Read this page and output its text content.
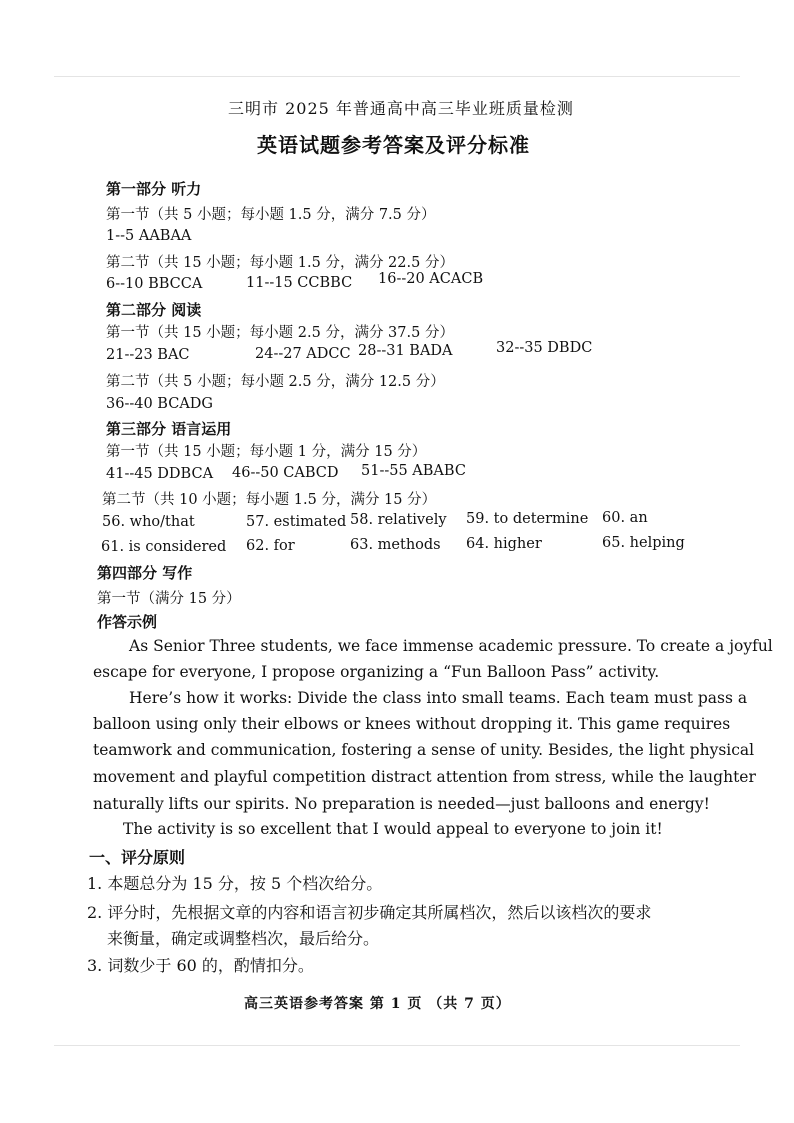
三明市 2025 年普通高中高三毕业班质量检测
英语试题参考答案及评分标准
第一部分 听力
第一节（共 5 小题；每小题 1.5 分，满分 7.5 分）
1--5 AABAA
第二节（共 15 小题；每小题 1.5 分，满分 22.5 分）
6--10 BBCCA	11--15 CCBBC 16--20 ACACB
第二部分 阅读
第一节（共 15 小题；每小题 2.5 分，满分 37.5 分）
21--23 BAC	24--27 ADCC 28--31 BADA	32--35 DBDC
第二节（共 5 小题；每小题 2.5 分，满分 12.5 分）
36--40 BCADG
第三部分 语言运用
第一节（共 15 小题；每小题 1 分，满分 15 分）
41--45 DDBCA 46--50 CABCD 51--55 ABABC
第二节（共 10 小题；每小题 1.5 分，满分 15 分）
56. who/that	57. estimated 58. relatively 59. to determine 60. an
61. is considered 62. for	63. methods 64. higher	65. helping
第四部分 写作
第一节（满分 15 分）
作答示例
As Senior Three students, we face immense academic pressure. To create a joyful
escape for everyone, I propose organizing a “Fun Balloon Pass” activity.
Here’s how it works: Divide the class into small teams. Each team must pass a
balloon using only their elbows or knees without dropping it. This game requires
teamwork and communication, fostering a sense of unity. Besides, the light physical
movement and playful competition distract attention from stress, while the laughter
naturally lifts our spirits. No preparation is needed—just balloons and energy!
The activity is so excellent that I would appeal to everyone to join it!
一、评分原则
1. 本题总分为 15 分，按 5 个档次给分。
2. 评分时，先根据文章的内容和语言初步确定其所属档次，然后以该档次的要求
来衡量，确定或调整档次，最后给分。
3. 词数少于 60 的，酌情扣分。
高三英语参考答案 第 1 页 （共 7 页）
